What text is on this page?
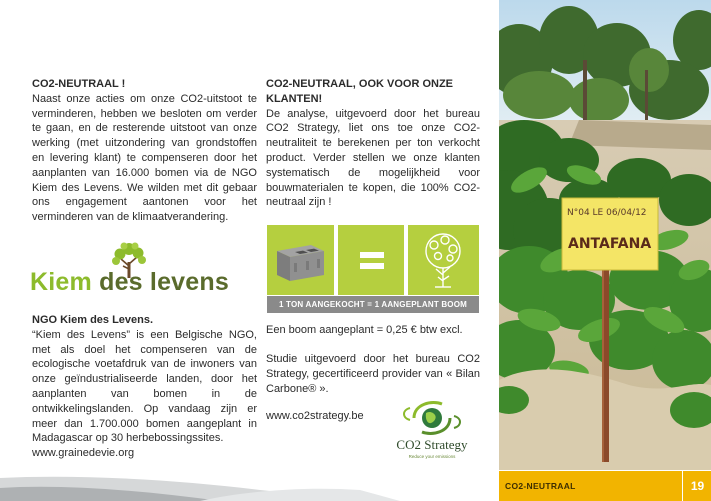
CO2-NEUTRAAL !
Naast onze acties om onze CO2-uitstoot te verminderen, hebben we besloten om verder te gaan, en de resterende uitstoot van onze werking (met uitzondering van grondstoffen en levering klant) te compenseren door het aanplanten van 16.000 bomen via de NGO Kiem des Levens. We wilden met dit gebaar ons engagement aantonen voor het verminderen van de klimaatverandering.
Kiem des levens
NGO Kiem des Levens.
“Kiem des Levens” is een Belgische NGO, met als doel het compenseren van de ecologische voetafdruk van de inwoners van onze geïndustrialiseerde landen, door het aanplanten van bomen in de ontwikkelingslanden. Op vandaag zijn er meer dan 1.700.000 bomen aangeplant in Madagascar op 30 herbebossingssites.
www.grainedevie.org
CO2-NEUTRAAL, OOK VOOR ONZE KLANTEN!
De analyse, uitgevoerd door het bureau CO2 Strategy, liet ons toe onze CO2-neutraliteit te berekenen per ton verkocht product. Verder stellen we onze klanten systematisch de mogelijkheid voor bouwmaterialen te kopen, die 100% CO2-neutraal zijn !
1 TON AANGEKOCHT = 1 AANGEPLANT BOOM
Een boom aangeplant = 0,25 € btw excl.
Studie uitgevoerd door het bureau CO2 Strategy, gecertificeerd provider van « Bilan Carbone® ».
www.co2strategy.be
CO2 Strategy
Reduce your emissions
N°04 LE 06/04/12
ANTAFANA
CO2-NEUTRAAL	19
